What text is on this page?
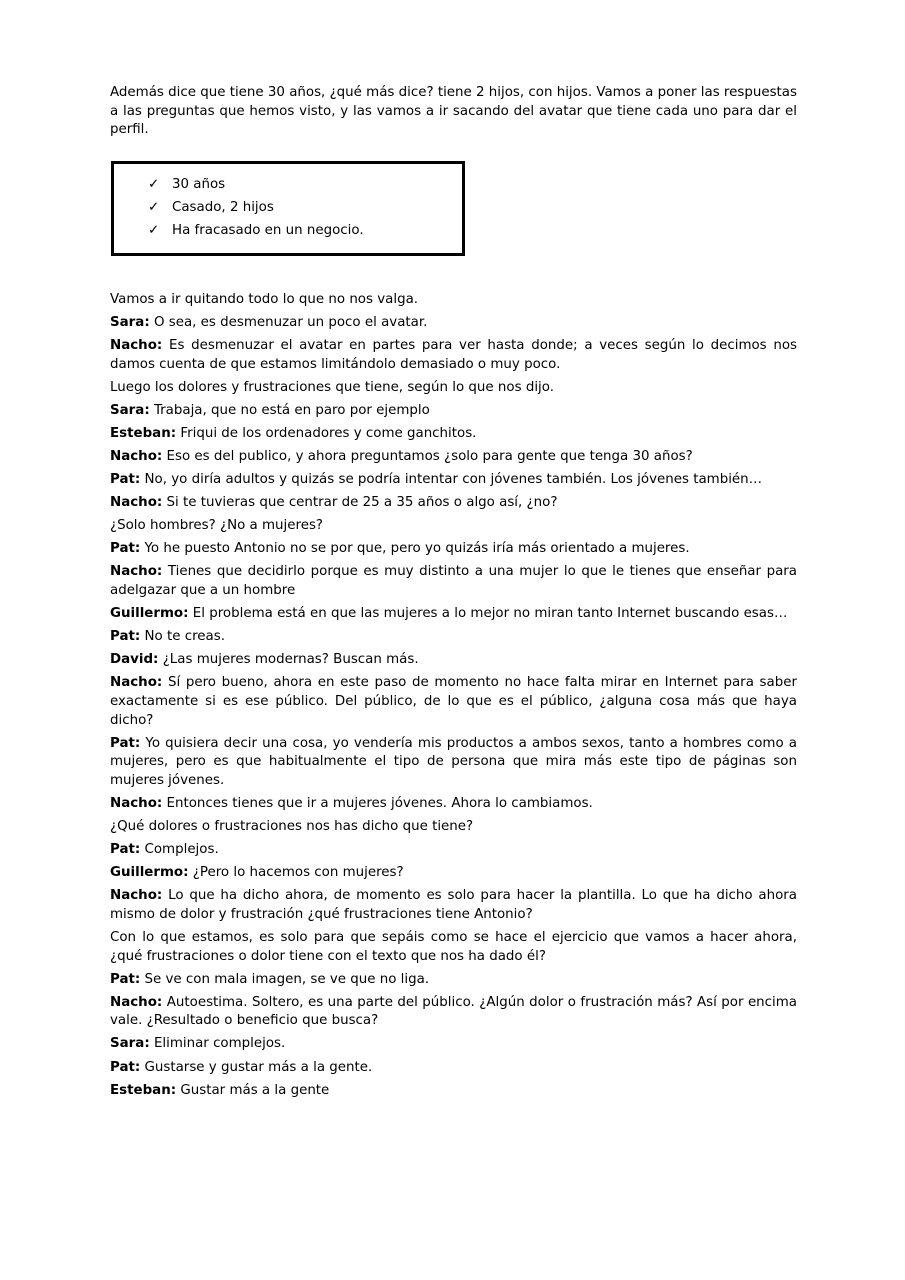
Además dice que tiene 30 años, ¿qué más dice? tiene 2 hijos, con hijos. Vamos a poner las respuestas a las preguntas que hemos visto, y las vamos a ir sacando del avatar que tiene cada uno para dar el perfil.

✓ 30 años
✓ Casado, 2 hijos
✓ Ha fracasado en un negocio.

Vamos a ir quitando todo lo que no nos valga.

Sara: O sea, es desmenuzar un poco el avatar.

Nacho: Es desmenuzar el avatar en partes para ver hasta donde; a veces según lo decimos nos damos cuenta de que estamos limitándolo demasiado o muy poco.

Luego los dolores y frustraciones que tiene, según lo que nos dijo.

Sara: Trabaja, que no está en paro por ejemplo

Esteban: Friqui de los ordenadores y come ganchitos.

Nacho: Eso es del publico, y ahora preguntamos ¿solo para gente que tenga 30 años?

Pat: No, yo diría adultos y quizás se podría intentar con jóvenes también. Los jóvenes también…

Nacho: Si te tuvieras que centrar de 25 a 35 años o algo así, ¿no?

¿Solo hombres? ¿No a mujeres?

Pat: Yo he puesto Antonio no se por que, pero yo quizás iría más orientado a mujeres.

Nacho: Tienes que decidirlo porque es muy distinto a una mujer lo que le tienes que enseñar para adelgazar que a un hombre

Guillermo: El problema está en que las mujeres a lo mejor no miran tanto Internet buscando esas…

Pat: No te creas.

David: ¿Las mujeres modernas? Buscan más.

Nacho: Sí pero bueno, ahora en este paso de momento no hace falta mirar en Internet para saber exactamente si es ese público. Del público, de lo que es el público, ¿alguna cosa más que haya dicho?

Pat: Yo quisiera decir una cosa, yo vendería mis productos a ambos sexos, tanto a hombres como a mujeres, pero es que habitualmente el tipo de persona que mira más este tipo de páginas son mujeres jóvenes.

Nacho: Entonces tienes que ir a mujeres jóvenes. Ahora lo cambiamos.

¿Qué dolores o frustraciones nos has dicho que tiene?

Pat: Complejos.

Guillermo: ¿Pero lo hacemos con mujeres?

Nacho: Lo que ha dicho ahora, de momento es solo para hacer la plantilla. Lo que ha dicho ahora mismo de dolor y frustración ¿qué frustraciones tiene Antonio?

Con lo que estamos, es solo para que sepáis como se hace el ejercicio que vamos a hacer ahora, ¿qué frustraciones o dolor tiene con el texto que nos ha dado él?

Pat: Se ve con mala imagen, se ve que no liga.

Nacho: Autoestima. Soltero, es una parte del público. ¿Algún dolor o frustración más? Así por encima vale. ¿Resultado o beneficio que busca?

Sara: Eliminar complejos.

Pat: Gustarse y gustar más a la gente.

Esteban: Gustar más a la gente
